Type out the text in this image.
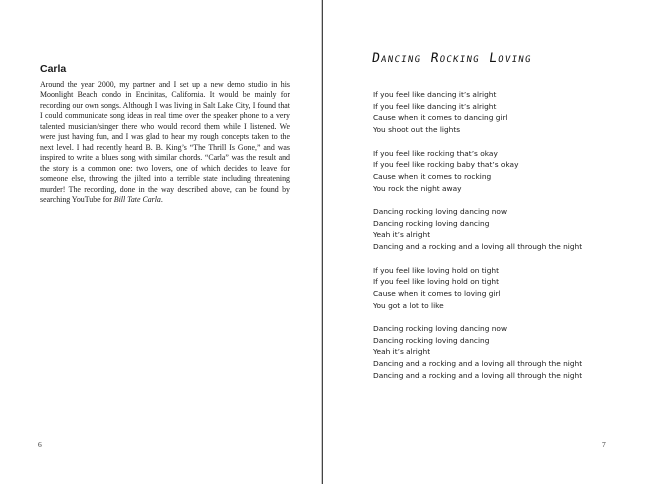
Carla

Around the year 2000, my partner and I set up a new demo studio in his Moonlight Beach condo in Encinitas, California. It would be mainly for recording our own songs. Although I was living in Salt Lake City, I found that I could communicate song ideas in real time over the speaker phone to a very talented musician/singer there who would record them while I listened. We were just having fun, and I was glad to hear my rough concepts taken to the next level. I had recently heard B. B. King’s “The Thrill Is Gone,” and was inspired to write a blues song with similar chords. “Carla” was the result and the story is a common one: two lovers, one of which decides to leave for someone else, throwing the jilted into a terrible state including threatening murder! The recording, done in the way described above, can be found by searching YouTube for Bill Tate Carla.

6
Dancing Rocking Loving
If you feel like dancing it’s alright
If you feel like dancing it’s alright
Cause when it comes to dancing girl
You shoot out the lights
If you feel like rocking that’s okay
If you feel like rocking baby that’s okay
Cause when it comes to rocking
You rock the night away
Dancing rocking loving dancing now
Dancing rocking loving dancing
Yeah it’s alright
Dancing and a rocking and a loving all through the night
If you feel like loving hold on tight
If you feel like loving hold on tight
Cause when it comes to loving girl
You got a lot to like
Dancing rocking loving dancing now
Dancing rocking loving dancing
Yeah it’s alright
Dancing and a rocking and a loving all through the night
Dancing and a rocking and a loving all through the night
7
